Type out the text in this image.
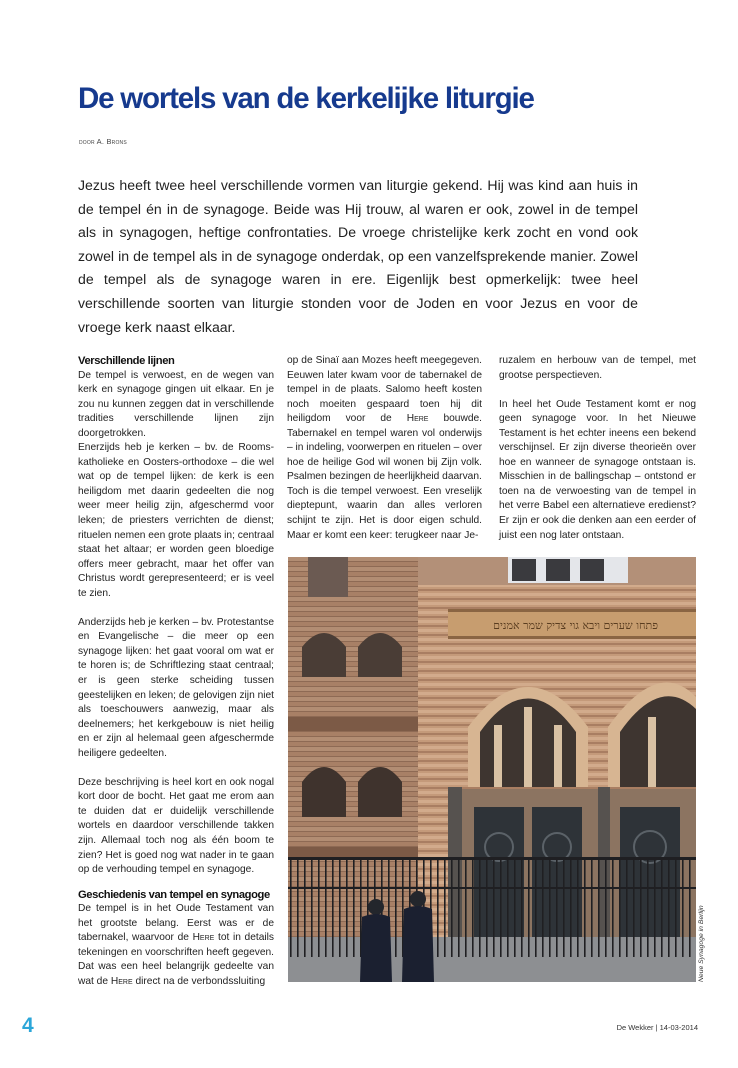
De wortels van de kerkelijke liturgie
door A. Brons

Jezus heeft twee heel verschillende vormen van liturgie gekend. Hij was kind aan huis in de tempel én in de synagoge. Beide was Hij trouw, al waren er ook, zowel in de tempel als in synagogen, heftige confrontaties. De vroege christelijke kerk zocht en vond ook zowel in de tempel als in de synagoge onderdak, op een vanzelfsprekende manier. Zowel de tempel als de synagoge waren in ere. Eigenlijk best opmerkelijk: twee heel verschillende soorten van liturgie stonden voor de Joden en voor Jezus en voor de vroege kerk naast elkaar.

Verschillende lijnen

De tempel is verwoest, en de wegen van kerk en synagoge gingen uit elkaar. En je zou nu kunnen zeggen dat in verschillende tradities verschillende lijnen zijn doorgetrokken.

Enerzijds heb je kerken – bv. de Rooms-katholieke en Oosters-orthodoxe – die wel wat op de tempel lijken: de kerk is een heiligdom met daarin gedeelten die nog weer meer heilig zijn, afgeschermd voor leken; de priesters verrichten de dienst; rituelen nemen een grote plaats in; centraal staat het altaar; er worden geen bloedige offers meer gebracht, maar het offer van Christus wordt gerepresenteerd; er is veel te zien.

Anderzijds heb je kerken – bv. Protestantse en Evangelische – die meer op een synagoge lijken: het gaat vooral om wat er te horen is; de Schriftlezing staat centraal; er is geen sterke scheiding tussen geestelijken en leken; de gelovigen zijn niet als toeschouwers aanwezig, maar als deelnemers; het kerkgebouw is niet heilig en er zijn al helemaal geen afgeschermde heiligere gedeelten.

Deze beschrijving is heel kort en ook nogal kort door de bocht. Het gaat me erom aan te duiden dat er duidelijk verschillende wortels en daardoor verschillende takken zijn. Allemaal toch nog als één boom te zien? Het is goed nog wat nader in te gaan op de verhouding tempel en synagoge.

Geschiedenis van tempel en synagoge

De tempel is in het Oude Testament van het grootste belang. Eerst was er de tabernakel, waarvoor de Here tot in details tekeningen en voorschriften heeft gegeven. Dat was een heel belangrijk gedeelte van wat de Here direct na de verbondssluiting

op de Sinaï aan Mozes heeft meegegeven. Eeuwen later kwam voor de tabernakel de tempel in de plaats. Salomo heeft kosten noch moeiten gespaard toen hij dit heiligdom voor de Here bouwde. Tabernakel en tempel waren vol onderwijs – in indeling, voorwerpen en rituelen – over hoe de heilige God wil wonen bij Zijn volk. Psalmen bezingen de heerlijkheid daarvan.

Toch is die tempel verwoest. Een vreselijk dieptepunt, waarin dan alles verloren schijnt te zijn. Het is door eigen schuld. Maar er komt een keer: terugkeer naar Je-

ruzalem en herbouw van de tempel, met grootse perspectieven.

In heel het Oude Testament komt er nog geen synagoge voor. In het Nieuwe Testament is het echter ineens een bekend verschijnsel. Er zijn diverse theorieën over hoe en wanneer de synagoge ontstaan is. Misschien in de ballingschap – ontstond er toen na de verwoesting van de tempel in het verre Babel een alternatieve eredienst? Er zijn er ook die denken aan een eerder of juist een nog later ontstaan.

פתחו שערים ויבא גוי צדיק שמר אמנים
Neue Synagoge in Berlijn
4	De Wekker | 14-03-2014
